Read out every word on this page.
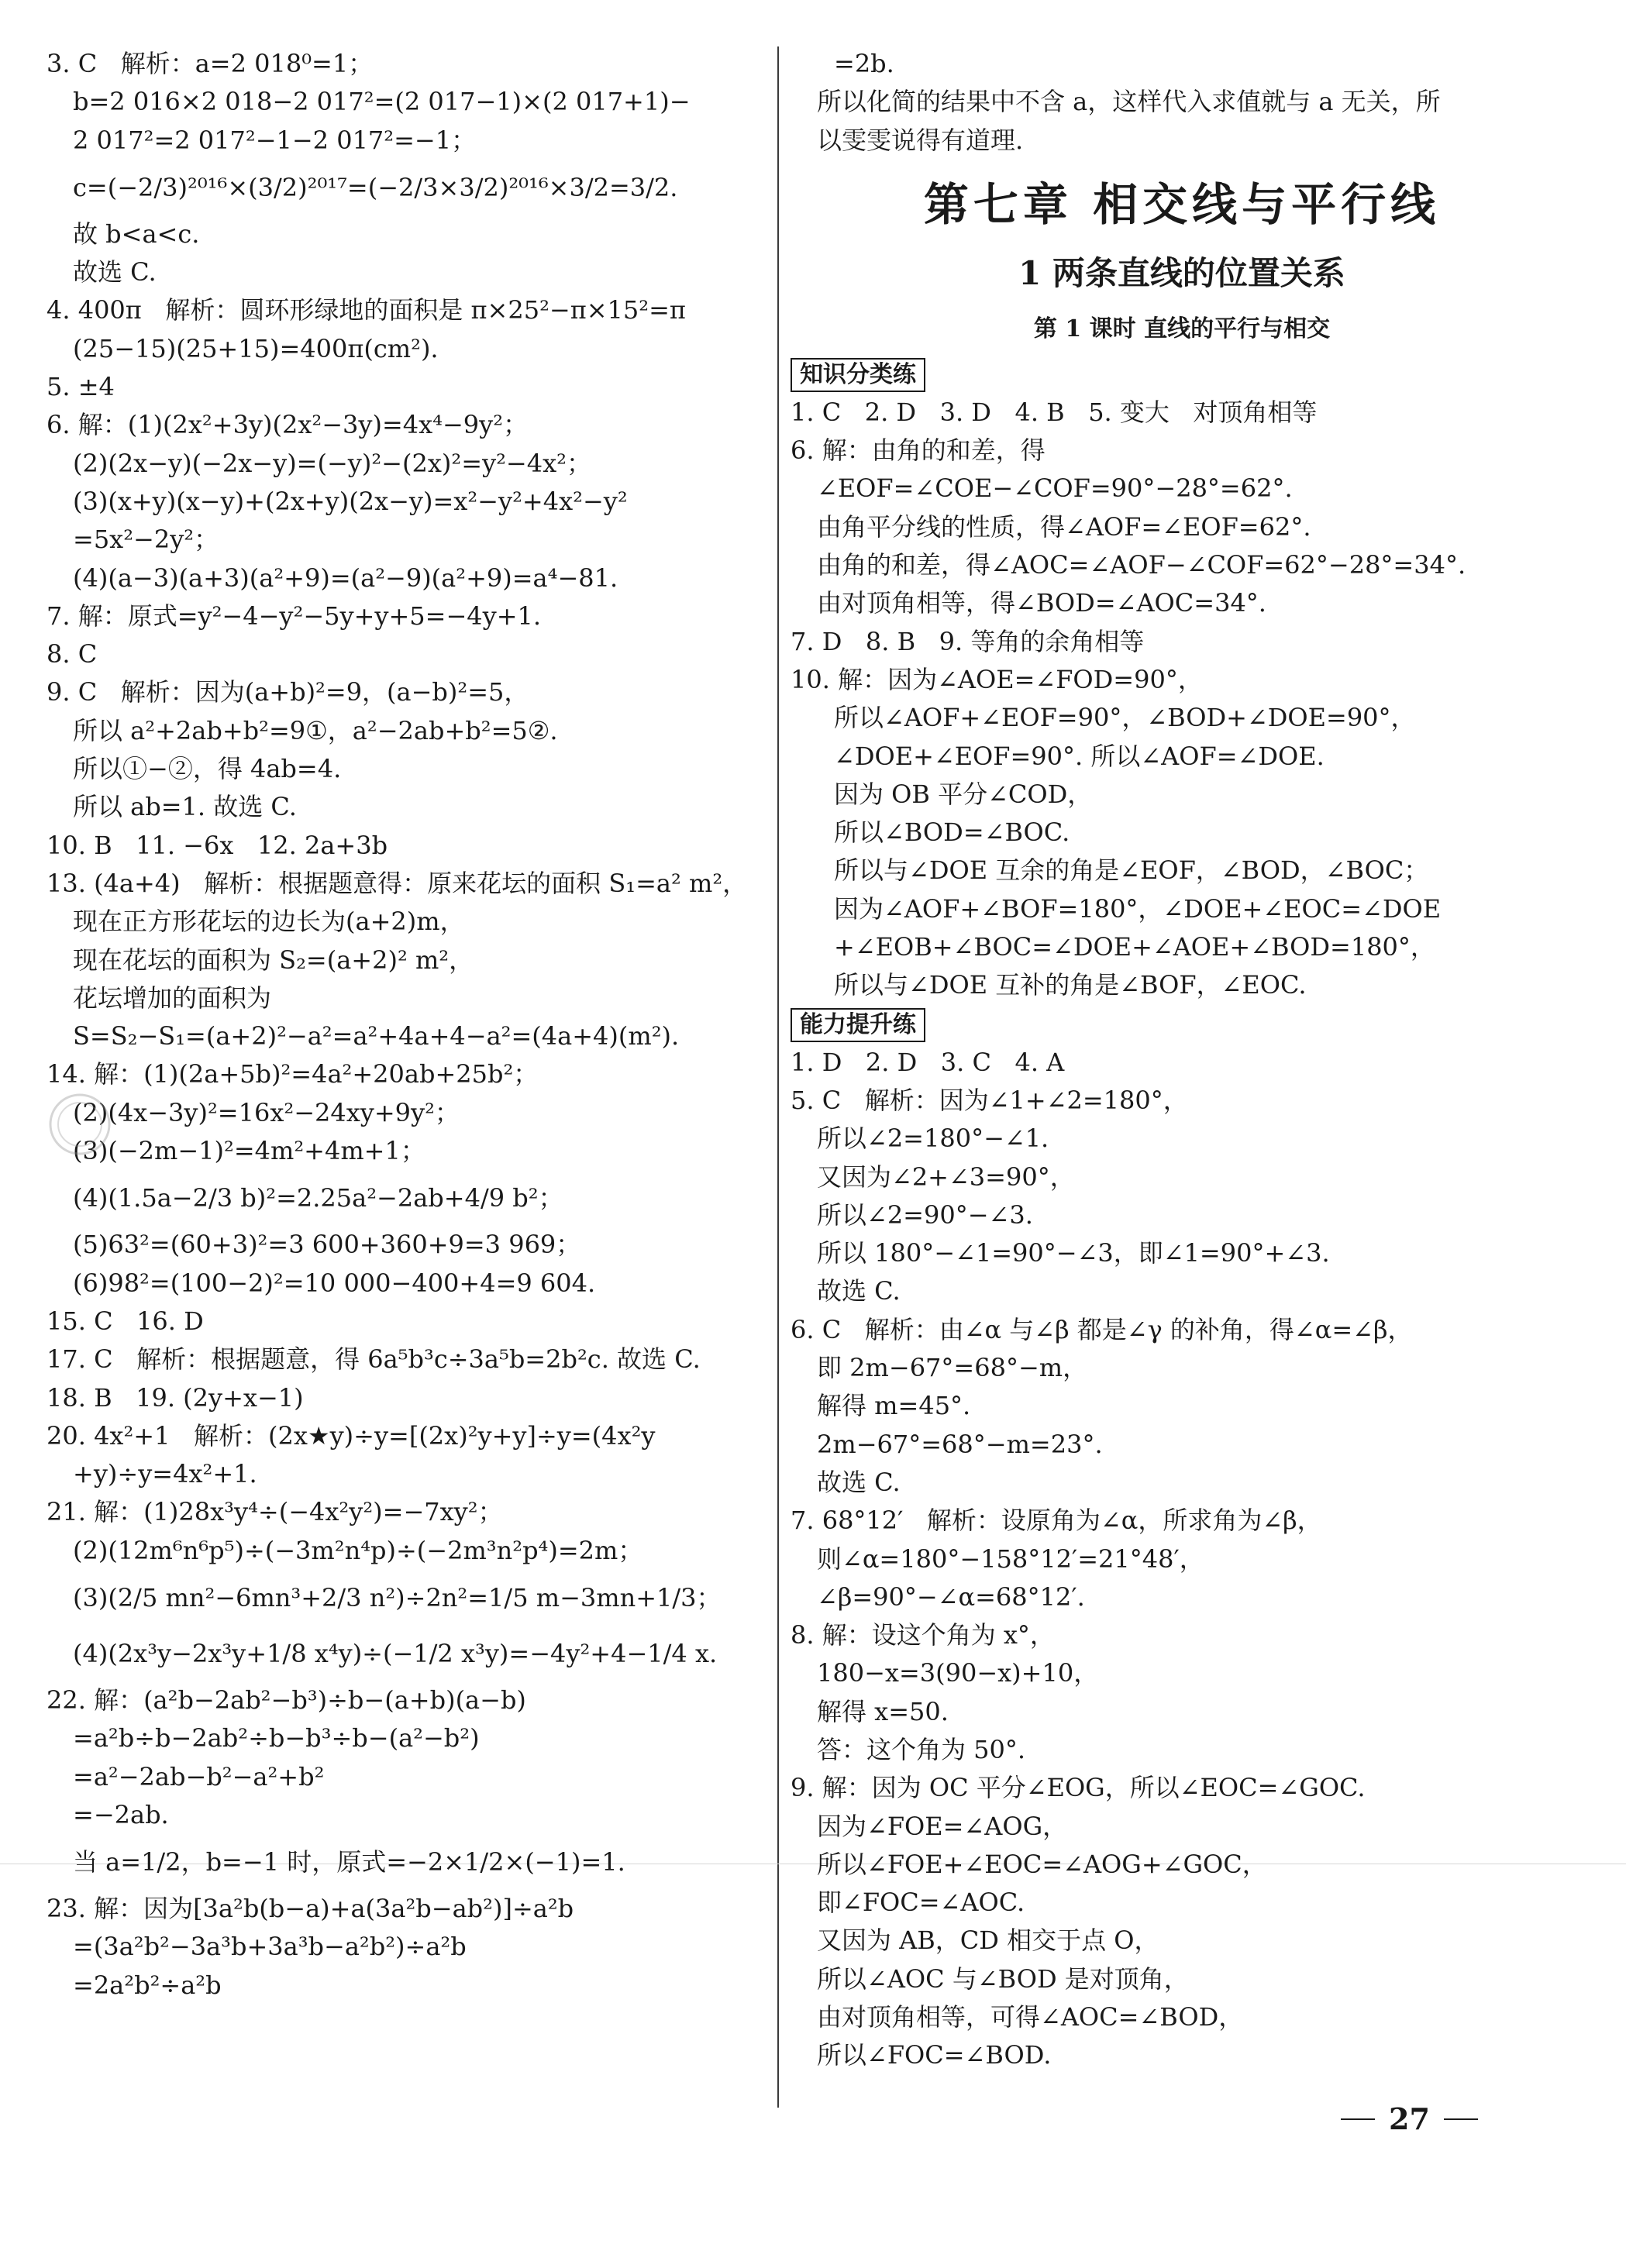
3. C   解析：a=2 018⁰=1；
b=2 016×2 018−2 017²=(2 017−1)×(2 017+1)−
2 017²=2 017²−1−2 017²=−1；
c=(−2/3)²⁰¹⁶×(3/2)²⁰¹⁷=(−2/3×3/2)²⁰¹⁶×3/2=3/2.
故 b<a<c.
故选 C.
4. 400π   解析：圆环形绿地的面积是 π×25²−π×15²=π
(25−15)(25+15)=400π(cm²).
5. ±4
6. 解：(1)(2x²+3y)(2x²−3y)=4x⁴−9y²；
(2)(2x−y)(−2x−y)=(−y)²−(2x)²=y²−4x²；
(3)(x+y)(x−y)+(2x+y)(2x−y)=x²−y²+4x²−y²
=5x²−2y²；
(4)(a−3)(a+3)(a²+9)=(a²−9)(a²+9)=a⁴−81.
7. 解：原式=y²−4−y²−5y+y+5=−4y+1.
8. C
9. C   解析：因为(a+b)²=9，(a−b)²=5，
所以 a²+2ab+b²=9①，a²−2ab+b²=5②.
所以①−②，得 4ab=4.
所以 ab=1. 故选 C.
10. B   11. −6x   12. 2a+3b
13. (4a+4)   解析：根据题意得：原来花坛的面积 S₁=a² m²，
现在正方形花坛的边长为(a+2)m，
现在花坛的面积为 S₂=(a+2)² m²，
花坛增加的面积为
S=S₂−S₁=(a+2)²−a²=a²+4a+4−a²=(4a+4)(m²).
14. 解：(1)(2a+5b)²=4a²+20ab+25b²；
(2)(4x−3y)²=16x²−24xy+9y²；
(3)(−2m−1)²=4m²+4m+1；
(4)(1.5a−2/3 b)²=2.25a²−2ab+4/9 b²；
(5)63²=(60+3)²=3 600+360+9=3 969；
(6)98²=(100−2)²=10 000−400+4=9 604.
15. C   16. D
17. C   解析：根据题意，得 6a⁵b³c÷3a⁵b=2b²c. 故选 C.
18. B   19. (2y+x−1)
20. 4x²+1   解析：(2x★y)÷y=[(2x)²y+y]÷y=(4x²y
+y)÷y=4x²+1.
21. 解：(1)28x³y⁴÷(−4x²y²)=−7xy²；
(2)(12m⁶n⁶p⁵)÷(−3m²n⁴p)÷(−2m³n²p⁴)=2m；
(3)(2/5 mn²−6mn³+2/3 n²)÷2n²=1/5 m−3mn+1/3；
(4)(2x³y−2x³y+1/8 x⁴y)÷(−1/2 x³y)=−4y²+4−1/4 x.
22. 解：(a²b−2ab²−b³)÷b−(a+b)(a−b)
=a²b÷b−2ab²÷b−b³÷b−(a²−b²)
=a²−2ab−b²−a²+b²
=−2ab.
当 a=1/2，b=−1 时，原式=−2×1/2×(−1)=1.
23. 解：因为[3a²b(b−a)+a(3a²b−ab²)]÷a²b
=(3a²b²−3a³b+3a³b−a²b²)÷a²b
=2a²b²÷a²b
=2b.
所以化简的结果中不含 a，这样代入求值就与 a 无关，所
以雯雯说得有道理.
第七章 相交线与平行线
1 两条直线的位置关系
第 1 课时 直线的平行与相交
知识分类练
1. C   2. D   3. D   4. B   5. 变大   对顶角相等
6. 解：由角的和差，得
∠EOF=∠COE−∠COF=90°−28°=62°.
由角平分线的性质，得∠AOF=∠EOF=62°.
由角的和差，得∠AOC=∠AOF−∠COF=62°−28°=34°.
由对顶角相等，得∠BOD=∠AOC=34°.
7. D   8. B   9. 等角的余角相等
10. 解：因为∠AOE=∠FOD=90°，
所以∠AOF+∠EOF=90°，∠BOD+∠DOE=90°，
∠DOE+∠EOF=90°. 所以∠AOF=∠DOE.
因为 OB 平分∠COD，
所以∠BOD=∠BOC.
所以与∠DOE 互余的角是∠EOF，∠BOD，∠BOC；
因为∠AOF+∠BOF=180°，∠DOE+∠EOC=∠DOE
+∠EOB+∠BOC=∠DOE+∠AOE+∠BOD=180°，
所以与∠DOE 互补的角是∠BOF，∠EOC.
能力提升练
1. D   2. D   3. C   4. A
5. C   解析：因为∠1+∠2=180°，
所以∠2=180°−∠1.
又因为∠2+∠3=90°，
所以∠2=90°−∠3.
所以 180°−∠1=90°−∠3，即∠1=90°+∠3.
故选 C.
6. C   解析：由∠α 与∠β 都是∠γ 的补角，得∠α=∠β，
即 2m−67°=68°−m，
解得 m=45°.
2m−67°=68°−m=23°.
故选 C.
7. 68°12′   解析：设原角为∠α，所求角为∠β，
则∠α=180°−158°12′=21°48′，
∠β=90°−∠α=68°12′.
8. 解：设这个角为 x°，
180−x=3(90−x)+10，
解得 x=50.
答：这个角为 50°.
9. 解：因为 OC 平分∠EOG，所以∠EOC=∠GOC.
因为∠FOE=∠AOG，
所以∠FOE+∠EOC=∠AOG+∠GOC，
即∠FOC=∠AOC.
又因为 AB，CD 相交于点 O，
所以∠AOC 与∠BOD 是对顶角，
由对顶角相等，可得∠AOC=∠BOD，
所以∠FOC=∠BOD.
27
